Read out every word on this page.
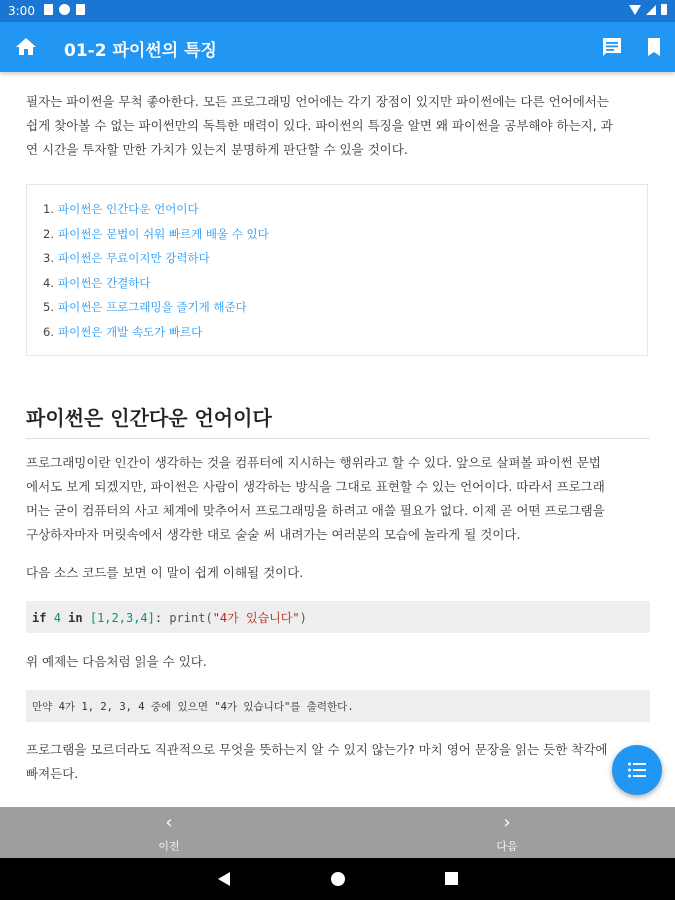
3:00
01-2 파이썬의 특징

필자는 파이썬을 무척 좋아한다. 모든 프로그래밍 언어에는 각기 장점이 있지만 파이썬에는 다른 언어에서는

쉽게 찾아볼 수 없는 파이썬만의 독특한 매력이 있다. 파이썬의 특징을 알면 왜 파이썬을 공부해야 하는지, 과

연 시간을 투자할 만한 가치가 있는지 분명하게 판단할 수 있을 것이다.

1. 파이썬은 인간다운 언어이다
2. 파이썬은 문법이 쉬워 빠르게 배울 수 있다
3. 파이썬은 무료이지만 강력하다
4. 파이썬은 간결하다
5. 파이썬은 프로그래밍을 즐기게 해준다
6. 파이썬은 개발 속도가 빠르다
파이썬은 인간다운 언어이다

프로그래밍이란 인간이 생각하는 것을 컴퓨터에 지시하는 행위라고 할 수 있다. 앞으로 살펴볼 파이썬 문법

에서도 보게 되겠지만, 파이썬은 사람이 생각하는 방식을 그대로 표현할 수 있는 언어이다. 따라서 프로그래

머는 굳이 컴퓨터의 사고 체계에 맞추어서 프로그래밍을 하려고 애쓸 필요가 없다. 이제 곧 어떤 프로그램을

구상하자마자 머릿속에서 생각한 대로 술술 써 내려가는 여러분의 모습에 놀라게 될 것이다.

다음 소스 코드를 보면 이 말이 쉽게 이해될 것이다.

if 4 in [1,2,3,4]: print("4가 있습니다")

위 예제는 다음처럼 읽을 수 있다.

만약 4가 1, 2, 3, 4 중에 있으면 "4가 있습니다"를 출력한다.

프로그램을 모르더라도 직관적으로 무엇을 뜻하는지 알 수 있지 않는가? 마치 영어 문장을 읽는 듯한 착각에

빠져든다.

‹
이전
›
다음
